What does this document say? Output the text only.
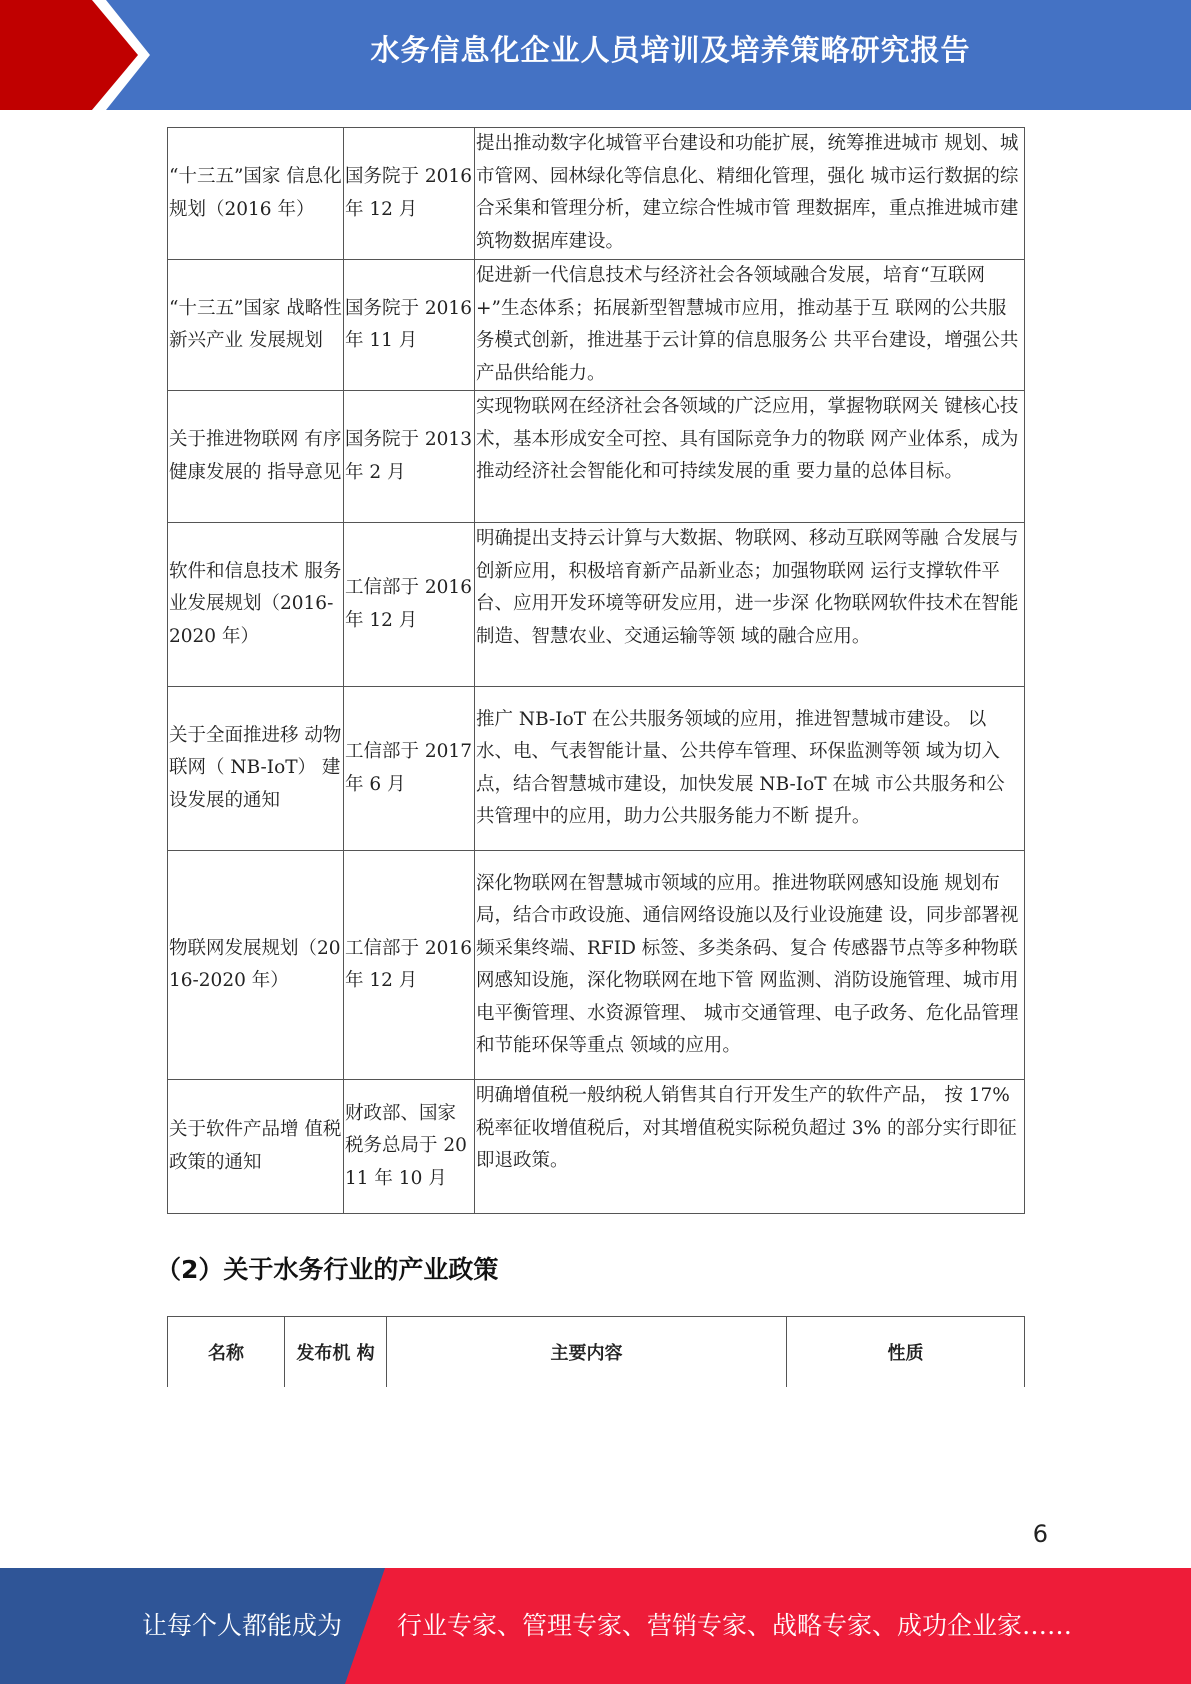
水务信息化企业人员培训及培养策略研究报告
“十三五”国家 信息化规划（2016 年）	国务院于 2016 年 12 月	提出推动数字化城管平台建设和功能扩展，统筹推进城市 规划、城市管网、园林绿化等信息化、精细化管理，强化 城市运行数据的综合采集和管理分析，建立综合性城市管 理数据库，重点推进城市建筑物数据库建设。
“十三五”国家 战略性新兴产业 发展规划	国务院于 2016 年 11 月	促进新一代信息技术与经济社会各领域融合发展，培育“互联网+”生态体系；拓展新型智慧城市应用，推动基于互 联网的公共服务模式创新，推进基于云计算的信息服务公 共平台建设，增强公共产品供给能力。
关于推进物联网 有序健康发展的 指导意见	国务院于 2013 年 2 月	实现物联网在经济社会各领域的广泛应用，掌握物联网关 键核心技术，基本形成安全可控、具有国际竞争力的物联 网产业体系，成为推动经济社会智能化和可持续发展的重 要力量的总体目标。
软件和信息技术 服务业发展规划（2016-2020 年）	工信部于 2016 年 12 月	明确提出支持云计算与大数据、物联网、移动互联网等融 合发展与创新应用，积极培育新产品新业态；加强物联网 运行支撑软件平台、应用开发环境等研发应用，进一步深 化物联网软件技术在智能制造、智慧农业、交通运输等领 域的融合应用。
关于全面推进移 动物联网（ NB-IoT） 建 设发展的通知	工信部于 2017 年 6 月	推广 NB-IoT 在公共服务领域的应用，推进智慧城市建设。 以水、电、气表智能计量、公共停车管理、环保监测等领 域为切入点，结合智慧城市建设，加快发展 NB-IoT 在城 市公共服务和公共管理中的应用，助力公共服务能力不断 提升。
物联网发展规划（2016-2020 年）	工信部于 2016 年 12 月	深化物联网在智慧城市领域的应用。推进物联网感知设施 规划布局，结合市政设施、通信网络设施以及行业设施建 设，同步部署视频采集终端、RFID 标签、多类条码、复合 传感器节点等多种物联网感知设施，深化物联网在地下管 网监测、消防设施管理、城市用电平衡管理、水资源管理、 城市交通管理、电子政务、危化品管理和节能环保等重点 领域的应用。
关于软件产品增 值税政策的通知	财政部、国家税务总局于 2011 年 10 月	明确增值税一般纳税人销售其自行开发生产的软件产品， 按 17%税率征收增值税后，对其增值税实际税负超过 3% 的部分实行即征即退政策。
（2）关于水务行业的产业政策
名称	发布机 构	主要内容	性质
6
让每个人都能成为 行业专家、管理专家、营销专家、战略专家、成功企业家……
